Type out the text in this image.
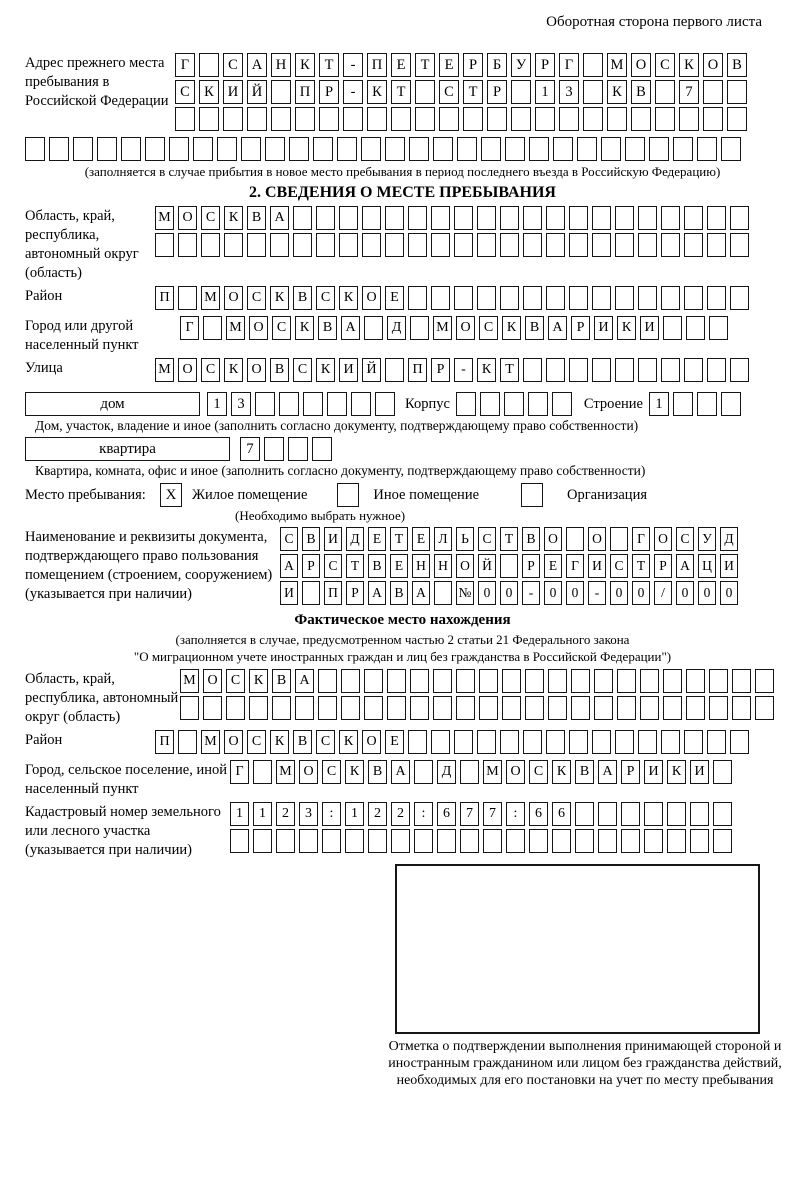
Оборотная сторона первого листа
Адрес прежнего места пребывания в Российской Федерации
Г	С А Н К	Т	-	П Е	Т	Е	Р	Б	У	Р	Г	М О С К О В
С К И Й	П	Р	-	К	Т	С	Т	Р	1	3	К В	7
(заполняется в случае прибытия в новое место пребывания в период последнего въезда в Российскую Федерацию)
2. СВЕДЕНИЯ О МЕСТЕ ПРЕБЫВАНИЯ
Область, край, республика, автономный округ (область)
М О С К В А
Район	П	М О С К В С К О Е
Город или другой населенный пункт
Г	М О С К В А	Д	М О С К В А	Р	И К И
Улица	М О С К О В С К И Й	П	Р	-	К	Т
дом	1	3	Корпус	Строение 1
Дом, участок, владение и иное (заполнить согласно документу, подтверждающему право собственности)
квартира	7
Квартира, комната, офис и иное (заполнить согласно документу, подтверждающему право собственности)
Место пребывания:	X	Жилое помещение	Иное помещение	Организация
(Необходимо выбрать нужное)
Наименование и реквизиты документа, подтверждающего право пользования помещением (строением, сооружением) (указывается при наличии)
С В И Д Е	Т	Е Л	Ь	С Т В О	О	Г О С У Д
А Р	С Т В Е Н Н О Й	Р	Е	Г И С Т	Р А Ц И
И	П Р А В А	№ 0	0	-	0	0	-	0	0	/	0	0	0
Фактическое место нахождения
(заполняется в случае, предусмотренном частью 2 статьи 21 Федерального закона
"О миграционном учете иностранных граждан и лиц без гражданства в Российской Федерации")
Область, край, республика, автономный округ (область)
М О С К В А
Район	П	М О С К В С К О Е
Город, сельское поселение, иной населенный пункт
Г	М О С К В А	Д	М О С К В А	Р	И К И
Кадастровый номер земельного или лесного участка (указывается при наличии)
1	1	2	3	:	1	2	2	:	6	7	7	:	6	6
Отметка о подтверждении выполнения принимающей стороной и иностранным гражданином или лицом без гражданства действий, необходимых для его постановки на учет по месту пребывания
